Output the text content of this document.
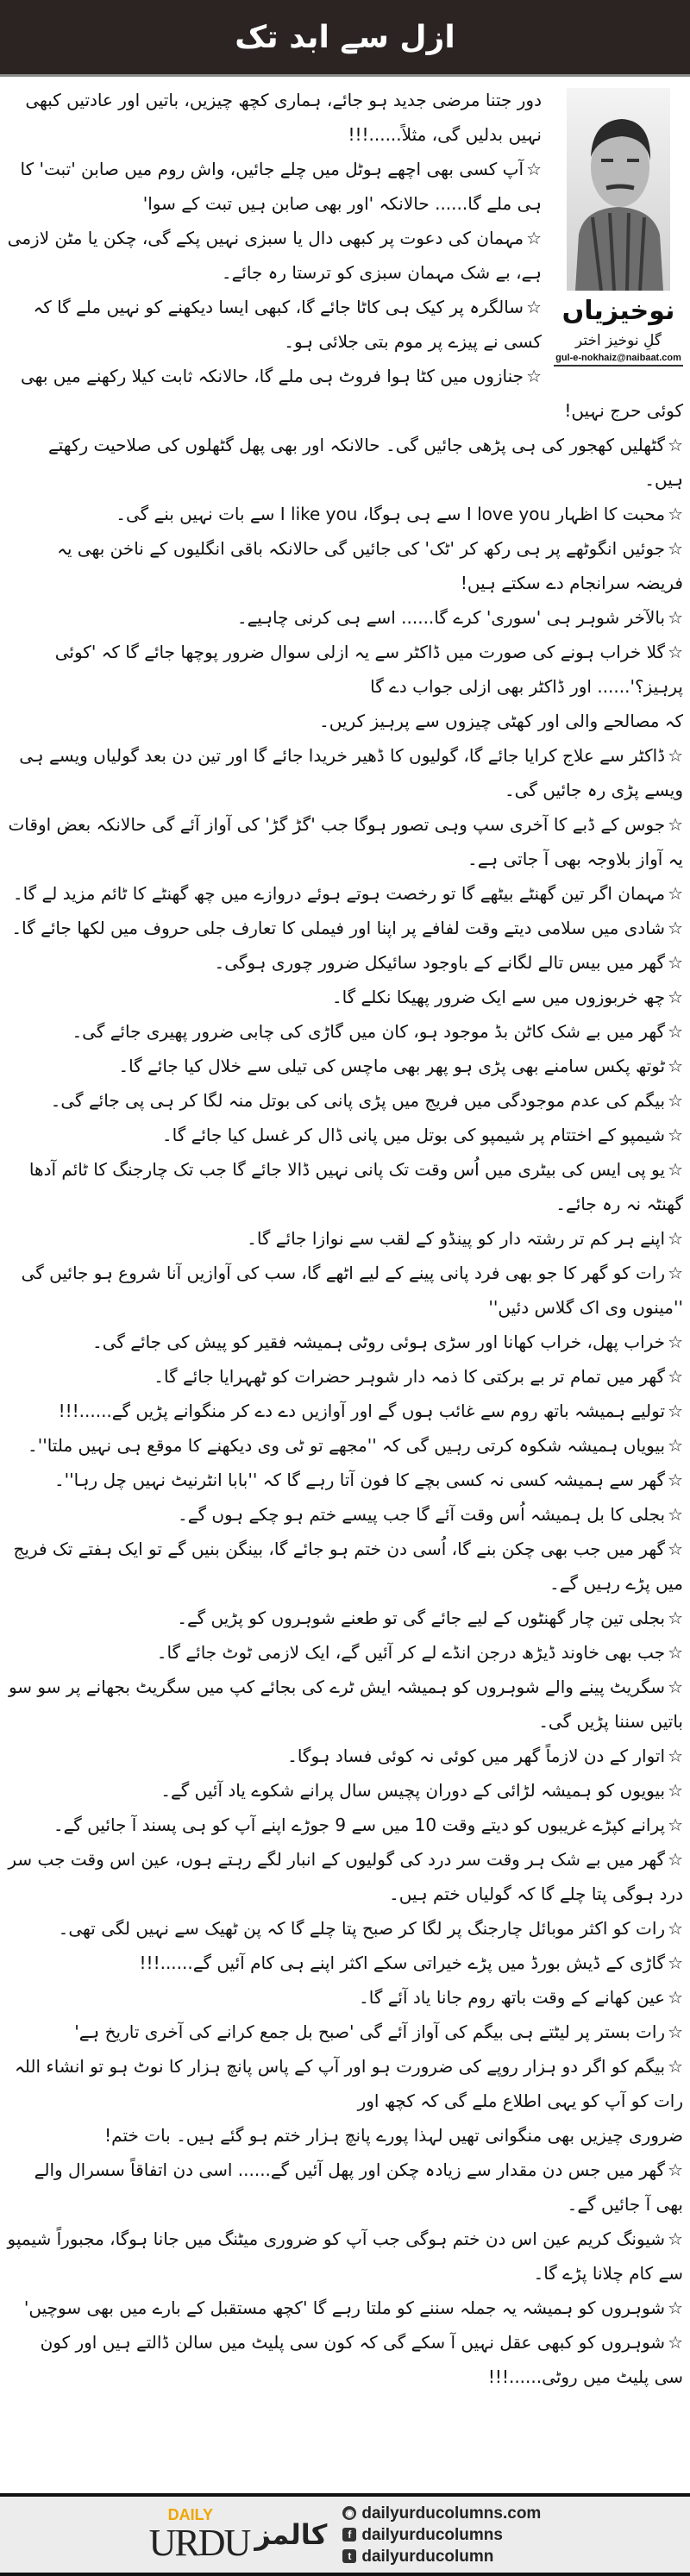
ازل سے ابد تک
نوخیزیاں
گلِ نوخیز اختر
gul-e-nokhaiz@naibaat.com

دور جتنا مرضی جدید ہو جائے، ہماری کچھ چیزیں، باتیں اور عادتیں کبھی نہیں بدلیں گی، مثلاً......!!!

☆آپ کسی بھی اچھے ہوٹل میں چلے جائیں، واش روم میں صابن 'تبت' کا ہی ملے گا...... حالانکہ 'اور بھی صابن ہیں تبت کے سوا'

☆مہمان کی دعوت پر کبھی دال یا سبزی نہیں پکے گی، چکن یا مٹن لازمی ہے، بے شک مہمان سبزی کو ترستا رہ جائے۔

☆سالگرہ پر کیک ہی کاٹا جائے گا، کبھی ایسا دیکھنے کو نہیں ملے گا کہ کسی نے پیزے پر موم بتی جلائی ہو۔

☆جنازوں میں کٹا ہوا فروٹ ہی ملے گا، حالانکہ ثابت کیلا رکھنے میں بھی کوئی حرج نہیں!

☆گٹھلیں کھجور کی ہی پڑھی جائیں گی۔ حالانکہ اور بھی پھل گٹھلوں کی صلاحیت رکھتے ہیں۔

☆محبت کا اظہار I love you سے ہی ہوگا، I like you سے بات نہیں بنے گی۔

☆جوئیں انگوٹھے پر ہی رکھ کر 'ٹک' کی جائیں گی حالانکہ باقی انگلیوں کے ناخن بھی یہ فریضہ سرانجام دے سکتے ہیں!

☆بالآخر شوہر ہی 'سوری' کرے گا...... اسے ہی کرنی چاہیے۔

☆گلا خراب ہونے کی صورت میں ڈاکٹر سے یہ ازلی سوال ضرور پوچھا جائے گا کہ 'کوئی پرہیز؟'...... اور ڈاکٹر بھی ازلی جواب دے گا

کہ مصالحے والی اور کھٹی چیزوں سے پرہیز کریں۔

☆ڈاکٹر سے علاج کرایا جائے گا، گولیوں کا ڈھیر خریدا جائے گا اور تین دن بعد گولیاں ویسے ہی ویسے پڑی رہ جائیں گی۔

☆جوس کے ڈبے کا آخری سپ وہی تصور ہوگا جب 'گڑ گڑ' کی آواز آئے گی حالانکہ بعض اوقات یہ آواز بلاوجہ بھی آ جاتی ہے۔

☆مہمان اگر تین گھنٹے بیٹھے گا تو رخصت ہوتے ہوئے دروازے میں چھ گھنٹے کا ٹائم مزید لے گا۔

☆شادی میں سلامی دیتے وقت لفافے پر اپنا اور فیملی کا تعارف جلی حروف میں لکھا جائے گا۔

☆گھر میں بیس تالے لگانے کے باوجود سائیکل ضرور چوری ہوگی۔

☆چھ خربوزوں میں سے ایک ضرور پھیکا نکلے گا۔

☆گھر میں بے شک کاٹن بڈ موجود ہو، کان میں گاڑی کی چابی ضرور پھیری جائے گی۔

☆ٹوتھ پکس سامنے بھی پڑی ہو پھر بھی ماچس کی تیلی سے خلال کیا جائے گا۔

☆بیگم کی عدم موجودگی میں فریج میں پڑی پانی کی بوتل منہ لگا کر ہی پی جائے گی۔

☆شیمپو کے اختتام پر شیمپو کی بوتل میں پانی ڈال کر غسل کیا جائے گا۔

☆یو پی ایس کی بیٹری میں اُس وقت تک پانی نہیں ڈالا جائے گا جب تک چارجنگ کا ٹائم آدھا گھنٹہ نہ رہ جائے۔

☆اپنے ہر کم تر رشتہ دار کو پینڈو کے لقب سے نوازا جائے گا۔

☆رات کو گھر کا جو بھی فرد پانی پینے کے لیے اٹھے گا، سب کی آوازیں آنا شروع ہو جائیں گی ''مینوں وی اک گلاس دئیں''

☆خراب پھل، خراب کھانا اور سڑی ہوئی روٹی ہمیشہ فقیر کو پیش کی جائے گی۔

☆گھر میں تمام تر بے برکتی کا ذمہ دار شوہر حضرات کو ٹھہرایا جائے گا۔

☆تولیے ہمیشہ باتھ روم سے غائب ہوں گے اور آوازیں دے دے کر منگوانے پڑیں گے......!!!

☆بیویاں ہمیشہ شکوہ کرتی رہیں گی کہ ''مجھے تو ٹی وی دیکھنے کا موقع ہی نہیں ملتا''۔

☆گھر سے ہمیشہ کسی نہ کسی بچے کا فون آتا رہے گا کہ ''بابا انٹرنیٹ نہیں چل رہا''۔

☆بجلی کا بل ہمیشہ اُس وقت آئے گا جب پیسے ختم ہو چکے ہوں گے۔

☆گھر میں جب بھی چکن بنے گا، اُسی دن ختم ہو جائے گا، بینگن بنیں گے تو ایک ہفتے تک فریج میں پڑے رہیں گے۔

☆بجلی تین چار گھنٹوں کے لیے جائے گی تو طعنے شوہروں کو پڑیں گے۔

☆جب بھی خاوند ڈیڑھ درجن انڈے لے کر آئیں گے، ایک لازمی ٹوٹ جائے گا۔

☆سگریٹ پینے والے شوہروں کو ہمیشہ ایش ٹرے کی بجائے کپ میں سگریٹ بجھانے پر سو سو باتیں سننا پڑیں گی۔

☆اتوار کے دن لازماً گھر میں کوئی نہ کوئی فساد ہوگا۔

☆بیویوں کو ہمیشہ لڑائی کے دوران پچیس سال پرانے شکوے یاد آئیں گے۔

☆پرانے کپڑے غریبوں کو دیتے وقت 10 میں سے 9 جوڑے اپنے آپ کو ہی پسند آ جائیں گے۔

☆گھر میں بے شک ہر وقت سر درد کی گولیوں کے انبار لگے رہتے ہوں، عین اس وقت جب سر درد ہوگی پتا چلے گا کہ گولیاں ختم ہیں۔

☆رات کو اکثر موبائل چارجنگ پر لگا کر صبح پتا چلے گا کہ پن ٹھیک سے نہیں لگی تھی۔

☆گاڑی کے ڈیش بورڈ میں پڑے خیراتی سکے اکثر اپنے ہی کام آئیں گے......!!!

☆عین کھانے کے وقت باتھ روم جانا یاد آئے گا۔

☆رات بستر پر لیٹتے ہی بیگم کی آواز آئے گی 'صبح بل جمع کرانے کی آخری تاریخ ہے'

☆بیگم کو اگر دو ہزار روپے کی ضرورت ہو اور آپ کے پاس پانچ ہزار کا نوٹ ہو تو انشاء اللہ رات کو آپ کو یہی اطلاع ملے گی کہ کچھ اور

ضروری چیزیں بھی منگوانی تھیں لہذا پورے پانچ ہزار ختم ہو گئے ہیں۔ بات ختم!

☆گھر میں جس دن مقدار سے زیادہ چکن اور پھل آئیں گے...... اسی دن اتفاقاً سسرال والے بھی آ جائیں گے۔

☆شیونگ کریم عین اس دن ختم ہوگی جب آپ کو ضروری میٹنگ میں جانا ہوگا، مجبوراً شیمپو سے کام چلانا پڑے گا۔

☆شوہروں کو ہمیشہ یہ جملہ سننے کو ملتا رہے گا 'کچھ مستقبل کے بارے میں بھی سوچیں'

☆شوہروں کو کبھی عقل نہیں آ سکے گی کہ کون سی پلیٹ میں سالن ڈالتے ہیں اور کون سی پلیٹ میں روٹی......!!!

DAILY
URDU کالمز
◉ dailyurducolumns.com
f dailyurducolumns
t dailyurducolumn
